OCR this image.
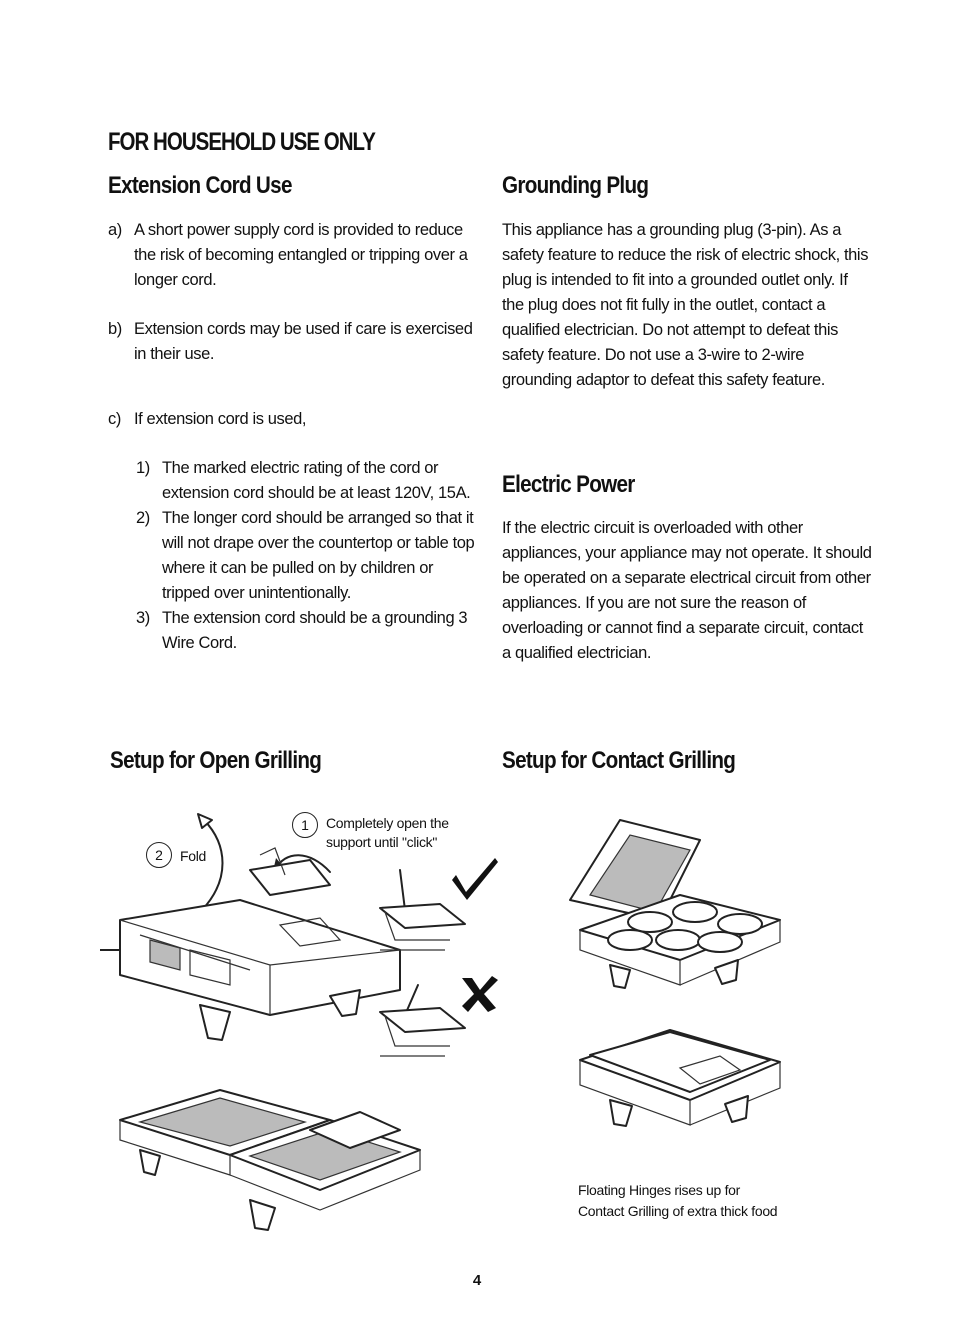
FOR HOUSEHOLD USE ONLY
Extension Cord Use
a) A short power supply cord is provided to reduce the risk of becoming entangled or tripping over a longer cord.
b) Extension cords may be used if care is exercised in their use.
c) If extension cord is used,
1) The marked electric rating of the cord or extension cord should be at least 120V, 15A.
2) The longer cord should be arranged so that it will not drape over the countertop or table top where it can be pulled on by children or tripped over unintentionally.
3) The extension cord should be a grounding 3 Wire Cord.
Grounding Plug
This appliance has a grounding plug (3-pin). As a safety feature to reduce the risk of electric shock, this plug is intended to fit into a grounded outlet only. If the plug does not fit fully in the outlet, contact a qualified electrician. Do not attempt to defeat this safety feature. Do not use a 3-wire to 2-wire grounding adaptor to defeat this safety feature.
Electric Power
If the electric circuit is overloaded with other appliances, your appliance may not operate. It should be operated on a separate electrical circuit from other appliances. If you are not sure the reason of overloading or cannot find a separate circuit, contact a qualified electrician.
Setup for Open Grilling	Setup for Contact Grilling
1	Completely open the support until "click"
2	Fold
Floating Hinges rises up for Contact Grilling of extra thick food
4
